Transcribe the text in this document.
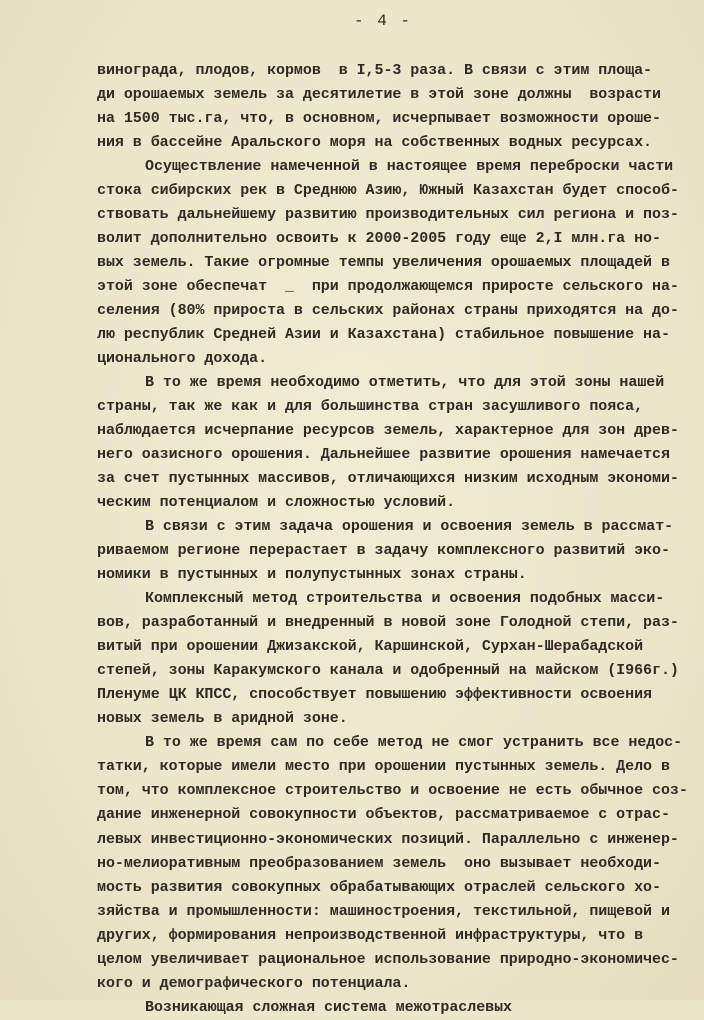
- 4 -
винограда, плодов, кормов  в I,5-3 раза. В связи с этим площа-
ди орошаемых земель за десятилетие в этой зоне должны  возрасти
на 1500 тыс.га, что, в основном, исчерпывает возможности ороше-
ния в бассейне Аральского моря на собственных водных ресурсах.
Осуществление намеченной в настоящее время переброски части
стока сибирских рек в Среднюю Азию, Южный Казахстан будет способ-
ствовать дальнейшему развитию производительных сил региона и поз-
волит дополнительно освоить к 2000-2005 году еще 2,I млн.га но-
вых земель. Такие огромные темпы увеличения орошаемых площадей в
этой зоне обеспечат  _  при продолжающемся приросте сельского на-
селения (80% прироста в сельских районах страны приходятся на до-
лю республик Средней Азии и Казахстана) стабильное повышение на-
ционального дохода.
В то же время необходимо отметить, что для этой зоны нашей
страны, так же как и для большинства стран засушливого пояса,
наблюдается исчерпание ресурсов земель, характерное для зон древ-
него оазисного орошения. Дальнейшее развитие орошения намечается
за счет пустынных массивов, отличающихся низким исходным экономи-
ческим потенциалом и сложностью условий.
В связи с этим задача орошения и освоения земель в рассмат-
риваемом регионе перерастает в задачу комплексного развитий эко-
номики в пустынных и полупустынных зонах страны.
Комплексный метод строительства и освоения подобных масси-
вов, разработанный и внедренный в новой зоне Голодной степи, раз-
витый при орошении Джизакской, Каршинской, Сурхан-Шерабадской
степей, зоны Каракумского канала и одобренный на майском (I966г.)
Пленуме ЦК КПСС, способствует повышению эффективности освоения
новых земель в аридной зоне.
В то же время сам по себе метод не смог устранить все недос-
татки, которые имели место при орошении пустынных земель. Дело в
том, что комплексное строительство и освоение не есть обычное соз-
дание инженерной совокупности объектов, рассматриваемое с отрас-
левых инвестиционно-экономических позиций. Параллельно с инженер-
но-мелиоративным преобразованием земель  оно вызывает необходи-
мость развития совокупных обрабатывающих отраслей сельского хо-
зяйства и промышленности: машиностроения, текстильной, пищевой и
других, формирования непроизводственной инфраструктуры, что в
целом увеличивает рациональное использование природно-экономичес-
кого и демографического потенциала.
Возникающая сложная система межотраслевых
